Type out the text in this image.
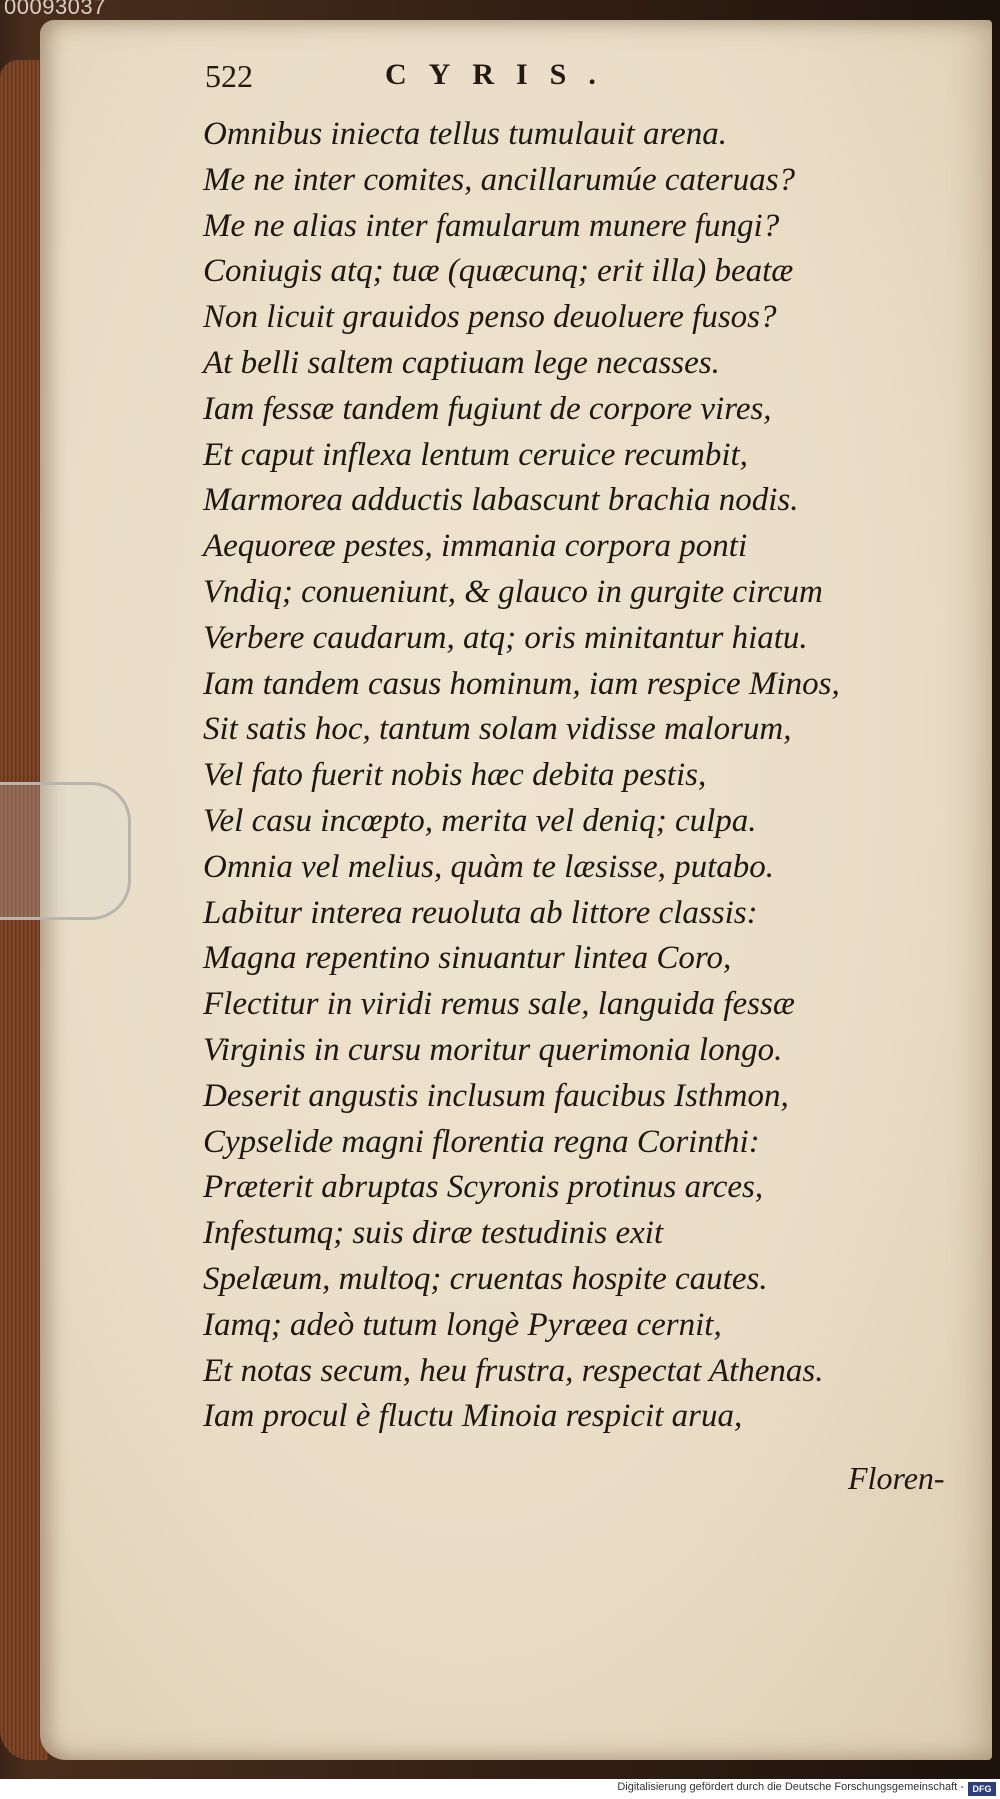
00093037
522	CYRIS.
Omnibus iniecta tellus tumulauit arena.
Me ne inter comites, ancillarumúe cateruas?
Me ne alias inter famularum munere fungi?
Coniugis atq; tuæ (quæcunq; erit illa) beatæ
Non licuit grauidos penso deuoluere fusos?
At belli saltem captiuam lege necasses.
Iam fessæ tandem fugiunt de corpore vires,
Et caput inflexa lentum ceruice recumbit,
Marmorea adductis labascunt brachia nodis.
Aequoreæ pestes, immania corpora ponti
Vndiq; conueniunt, & glauco in gurgite circum
Verbere caudarum, atq; oris minitantur hiatu.
Iam tandem casus hominum, iam respice Minos,
Sit satis hoc, tantum solam vidisse malorum,
Vel fato fuerit nobis hæc debita pestis,
Vel casu incœpto, merita vel deniq; culpa.
Omnia vel melius, quàm te læsisse, putabo.
Labitur interea reuoluta ab littore classis:
Magna repentino sinuantur lintea Coro,
Flectitur in viridi remus sale, languida fessæ
Virginis in cursu moritur querimonia longo.
Deserit angustis inclusum faucibus Isthmon,
Cypselide magni florentia regna Corinthi:
Præterit abruptas Scyronis protinus arces,
Infestumq; suis diræ testudinis exit
Spelæum, multoq; cruentas hospite cautes.
Iamq; adeò tutum longè Pyræea cernit,
Et notas secum, heu frustra, respectat Athenas.
Iam procul è fluctu Minoia respicit arua,
Floren-
Digitalisierung gefördert durch die Deutsche Forschungsgemeinschaft - DFG
